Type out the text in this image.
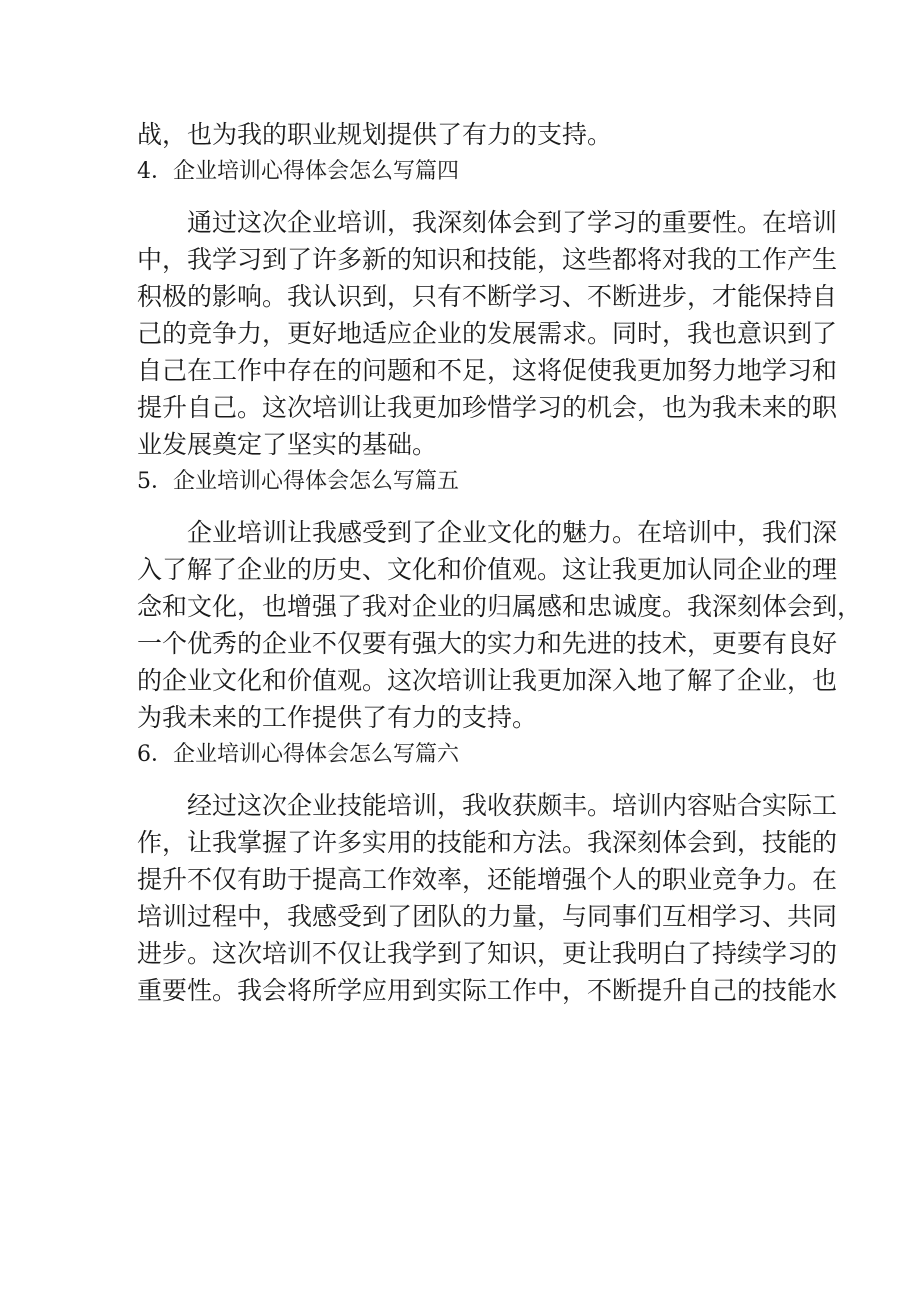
战，也为我的职业规划提供了有力的支持。
4．企业培训心得体会怎么写篇四
通过这次企业培训，我深刻体会到了学习的重要性。在培训
中，我学习到了许多新的知识和技能，这些都将对我的工作产生
积极的影响。我认识到，只有不断学习、不断进步，才能保持自
己的竞争力，更好地适应企业的发展需求。同时，我也意识到了
自己在工作中存在的问题和不足，这将促使我更加努力地学习和
提升自己。这次培训让我更加珍惜学习的机会，也为我未来的职
业发展奠定了坚实的基础。
5．企业培训心得体会怎么写篇五
企业培训让我感受到了企业文化的魅力。在培训中，我们深
入了解了企业的历史、文化和价值观。这让我更加认同企业的理
念和文化，也增强了我对企业的归属感和忠诚度。我深刻体会到，
一个优秀的企业不仅要有强大的实力和先进的技术，更要有良好
的企业文化和价值观。这次培训让我更加深入地了解了企业，也
为我未来的工作提供了有力的支持。
6．企业培训心得体会怎么写篇六
经过这次企业技能培训，我收获颇丰。培训内容贴合实际工
作，让我掌握了许多实用的技能和方法。我深刻体会到，技能的
提升不仅有助于提高工作效率，还能增强个人的职业竞争力。在
培训过程中，我感受到了团队的力量，与同事们互相学习、共同
进步。这次培训不仅让我学到了知识，更让我明白了持续学习的
重要性。我会将所学应用到实际工作中，不断提升自己的技能水
